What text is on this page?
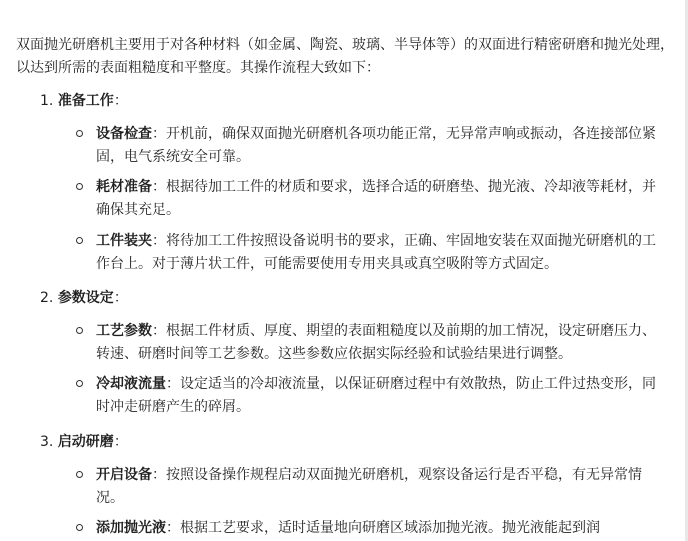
双面抛光研磨机主要用于对各种材料（如金属、陶瓷、玻璃、半导体等）的双面进行精密研磨和抛光处理，以达到所需的表面粗糙度和平整度。其操作流程大致如下：

1. 准备工作：

设备检查：开机前，确保双面抛光研磨机各项功能正常，无异常声响或振动，各连接部位紧固，电气系统安全可靠。

耗材准备：根据待加工工件的材质和要求，选择合适的研磨垫、抛光液、冷却液等耗材，并确保其充足。

工件装夹：将待加工工件按照设备说明书的要求，正确、牢固地安装在双面抛光研磨机的工作台上。对于薄片状工件，可能需要使用专用夹具或真空吸附等方式固定。

2. 参数设定：

工艺参数：根据工件材质、厚度、期望的表面粗糙度以及前期的加工情况，设定研磨压力、转速、研磨时间等工艺参数。这些参数应依据实际经验和试验结果进行调整。

冷却液流量：设定适当的冷却液流量，以保证研磨过程中有效散热，防止工件过热变形，同时冲走研磨产生的碎屑。

3. 启动研磨：

开启设备：按照设备操作规程启动双面抛光研磨机，观察设备运行是否平稳，有无异常情况。

添加抛光液：根据工艺要求，适时适量地向研磨区域添加抛光液。抛光液能起到润
